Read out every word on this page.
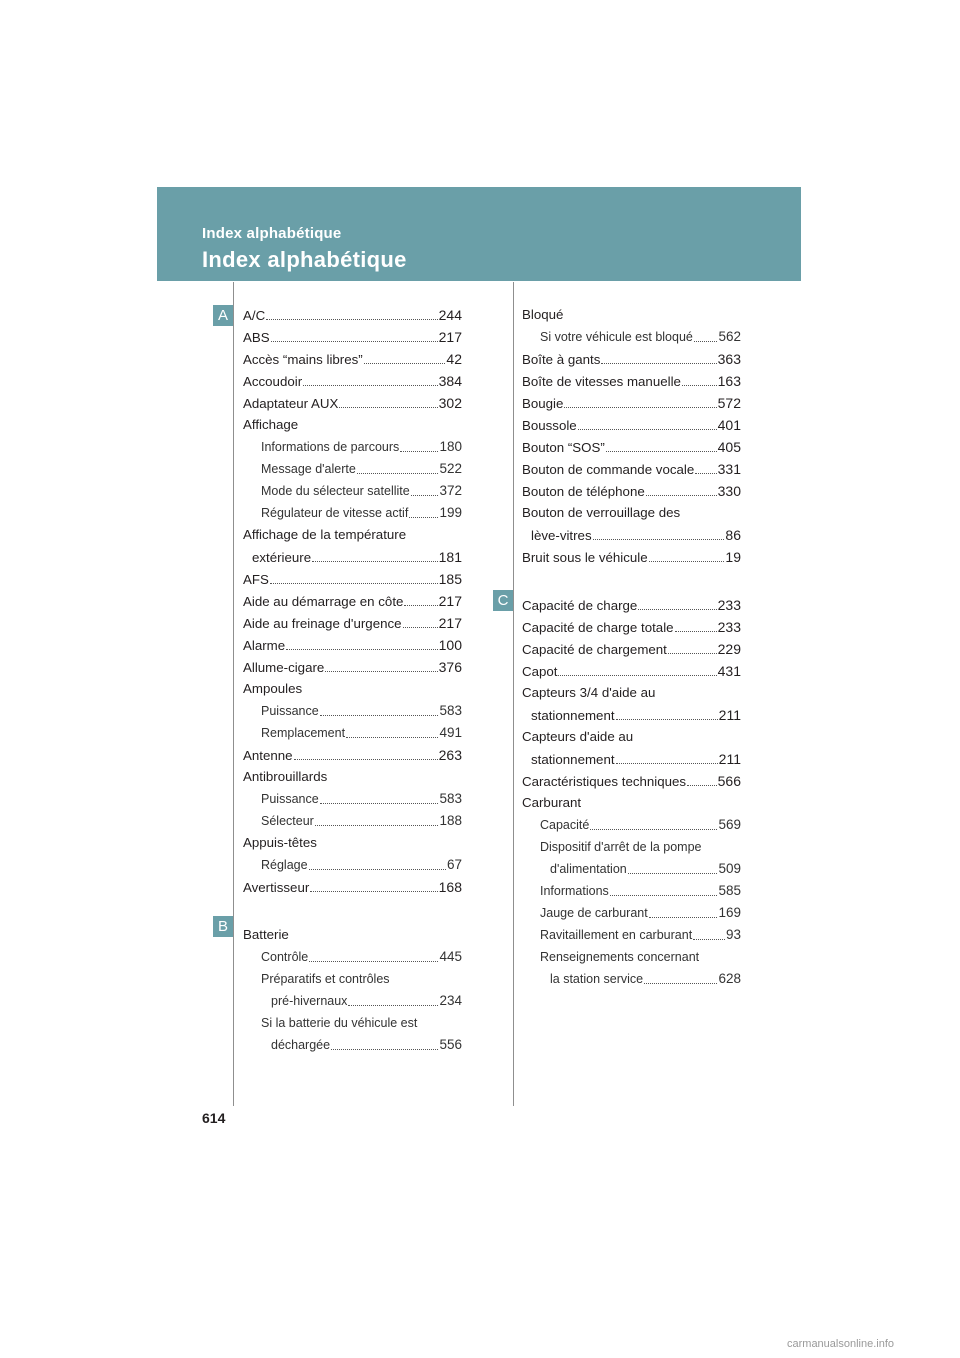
Index alphabétique
Index alphabétique
A
B
C
A/C	244
ABS	217
Accès “mains libres”	42
Accoudoir	384
Adaptateur AUX	302
Affichage
Informations de parcours	180
Message d'alerte	522
Mode du sélecteur satellite 372
Régulateur de vitesse actif 199
Affichage de la température
extérieure	181
AFS	185
Aide au démarrage en côte	217
Aide au freinage d'urgence	217
Alarme	100
Allume-cigare	376
Ampoules
Puissance	583
Remplacement	491
Antenne	263
Antibrouillards
Puissance	583
Sélecteur	188
Appuis-têtes
Réglage	67
Avertisseur	168
Batterie
Contrôle	445
Préparatifs et contrôles
pré-hivernaux	234
Si la batterie du véhicule est
déchargée	556
Bloqué
Si votre véhicule est bloqué 562
Boîte à gants	363
Boîte de vitesses manuelle	163
Bougie	572
Boussole	401
Bouton “SOS”	405
Bouton de commande vocale 331
Bouton de téléphone	330
Bouton de verrouillage des
lève-vitres	86
Bruit sous le véhicule	19
Capacité de charge	233
Capacité de charge totale	233
Capacité de chargement	229
Capot	431
Capteurs 3/4 d'aide au
stationnement	211
Capteurs d'aide au
stationnement	211
Caractéristiques techniques 566
Carburant
Capacité	569
Dispositif d'arrêt de la pompe
d'alimentation	509
Informations	585
Jauge de carburant	169
Ravitaillement en carburant	93
Renseignements concernant
la station service	628
614
carmanualsonline.info
